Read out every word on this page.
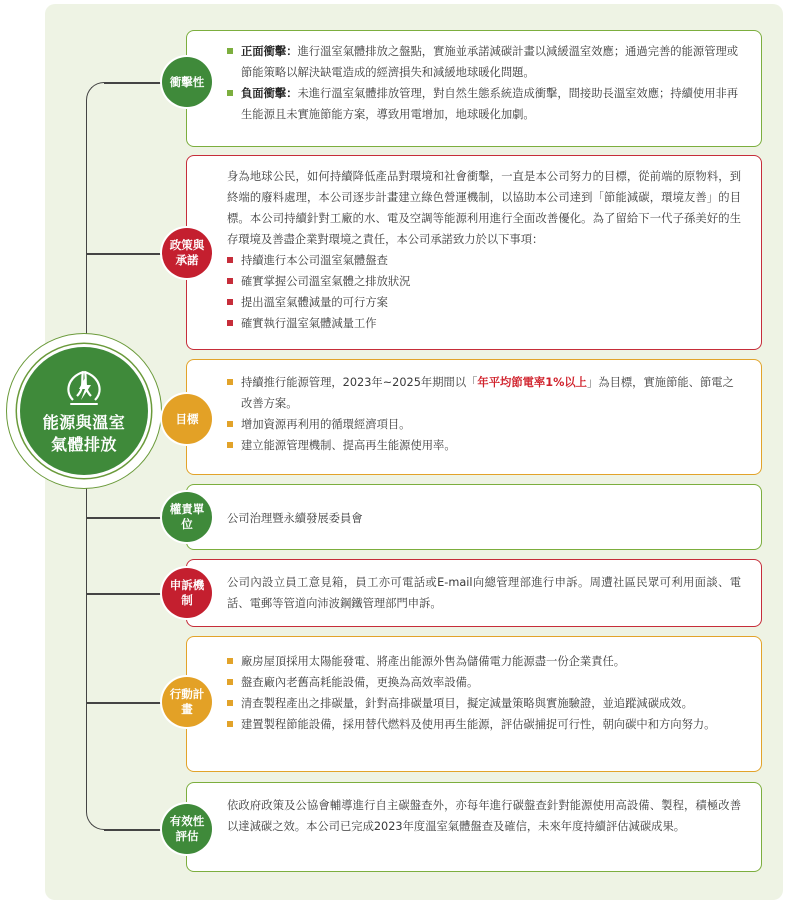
能源與溫室
氣體排放
正面衝擊：進行溫室氣體排放之盤點，實施並承諾減碳計畫以減緩溫室效應；通過完善的能源管理或節能策略以解決缺電造成的經濟損失和減緩地球暖化問題。
負面衝擊：未進行溫室氣體排放管理，對自然生態系統造成衝擊，間接助長溫室效應；持續使用非再生能源且未實施節能方案，導致用電增加，地球暖化加劇。
衝擊性

身為地球公民，如何持續降低產品對環境和社會衝擊，一直是本公司努力的目標，從前端的原物料，到終端的廢料處理，本公司逐步計畫建立綠色營運機制，以協助本公司達到「節能減碳，環境友善」的目標。本公司持續針對工廠的水、電及空調等能源利用進行全面改善優化。為了留給下一代子孫美好的生存環境及善盡企業對環境之責任，本公司承諾致力於以下事項：

持續進行本公司溫室氣體盤查
確實掌握公司溫室氣體之排放狀況
提出溫室氣體減量的可行方案
確實執行溫室氣體減量工作
政策與承諾
持續推行能源管理，2023年~2025年期間以「年平均節電率1%以上」為目標，實施節能、節電之改善方案。
增加資源再利用的循環經濟項目。
建立能源管理機制、提高再生能源使用率。
目標

公司治理暨永續發展委員會

權責單位

公司內設立員工意見箱，員工亦可電話或E-mail向總管理部進行申訴。周遭社區民眾可利用面談、電話、電郵等管道向沛波鋼鐵管理部門申訴。

申訴機制
廠房屋頂採用太陽能發電、將產出能源外售為儲備電力能源盡一份企業責任。
盤查廠內老舊高耗能設備，更換為高效率設備。
清查製程產出之排碳量，針對高排碳量項目，擬定減量策略與實施驗證，並追蹤減碳成效。
建置製程節能設備，採用替代燃料及使用再生能源，評估碳捕捉可行性，朝向碳中和方向努力。
行動計畫

依政府政策及公協會輔導進行自主碳盤查外，亦每年進行碳盤查針對能源使用高設備、製程，積極改善以達減碳之效。本公司已完成2023年度溫室氣體盤查及確信，未來年度持續評估減碳成果。

有效性評估
